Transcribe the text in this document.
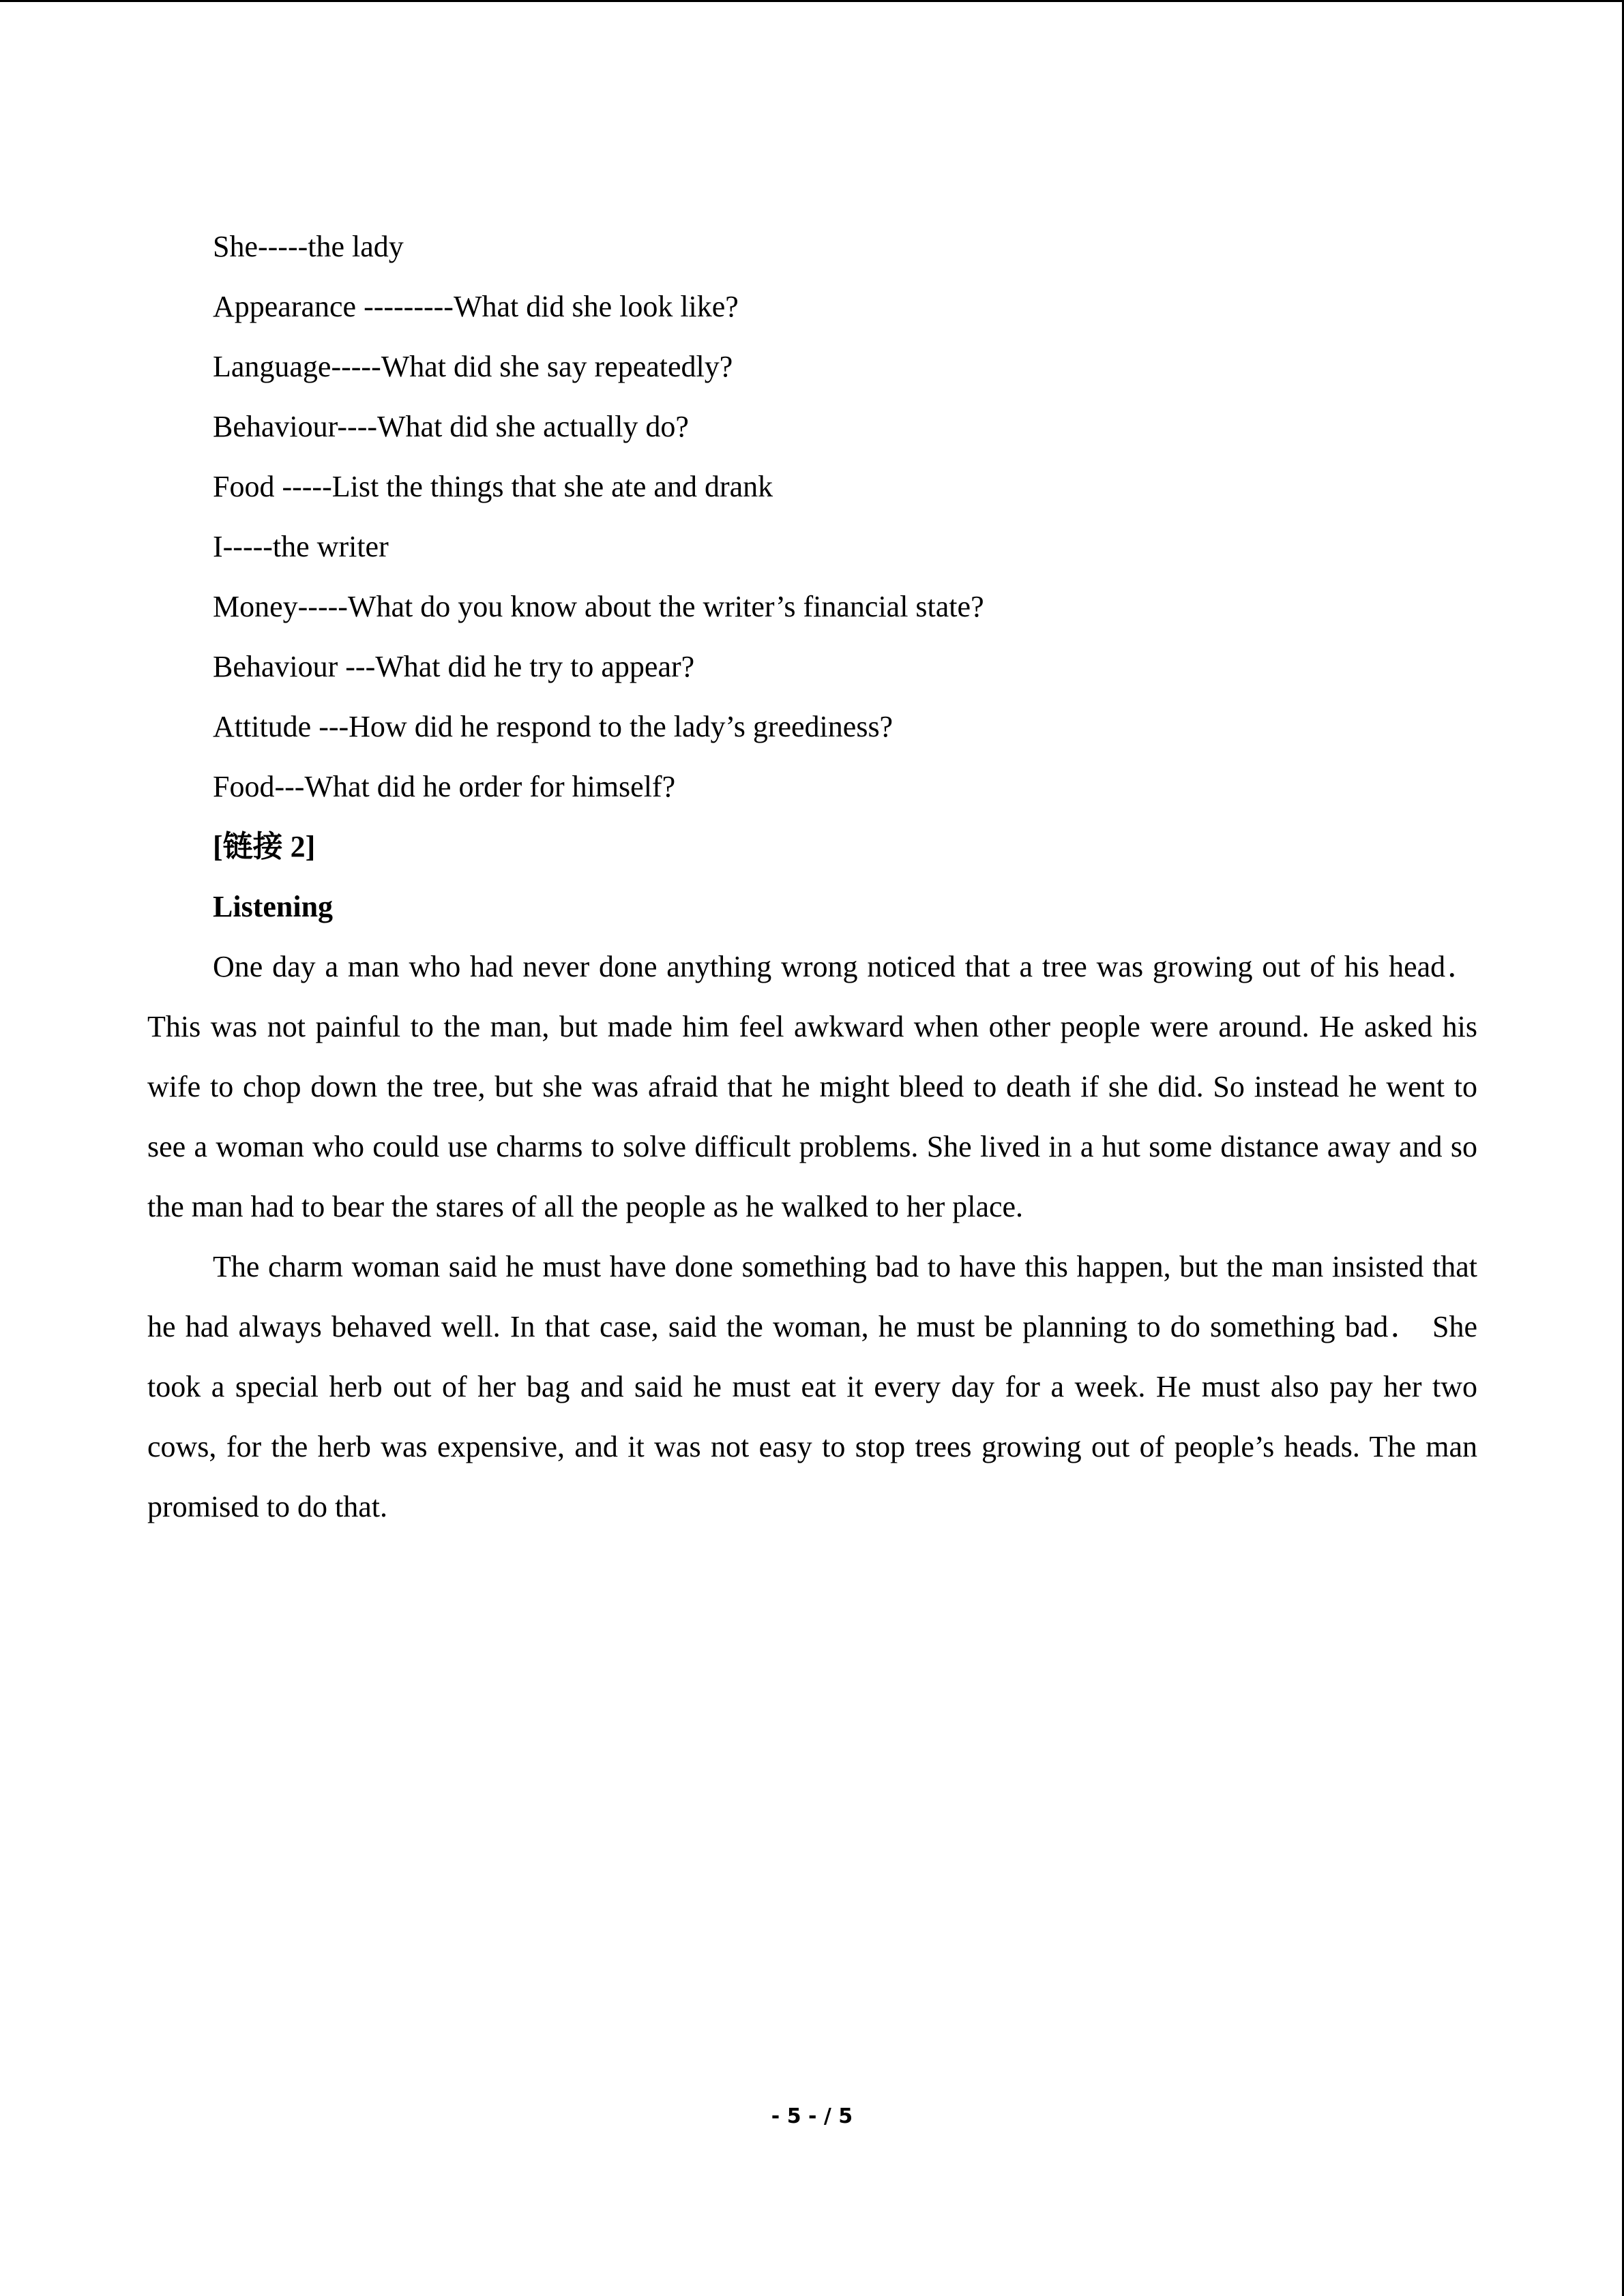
She-----the lady
Appearance ---------What did she look like?
Language-----What did she say repeatedly?
Behaviour----What did she actually do?
Food -----List the things that she ate and drank
I-----the writer
Money-----What do you know about the writer’s financial state?
Behaviour ---What did he try to appear?
Attitude ---How did he respond to the lady’s greediness?
Food---What did he order for himself?
[链接 2]
Listening

One day a man who had never done anything wrong noticed that a tree was growing out of his head． This was not painful to the man, but made him feel awkward when other people were around. He asked his wife to chop down the tree, but she was afraid that he might bleed to death if she did. So instead he went to see a woman who could use charms to solve difficult problems. She lived in a hut some distance away and so the man had to bear the stares of all the people as he walked to her place.

The charm woman said he must have done something bad to have this happen, but the man insisted that he had always behaved well. In that case, said the woman, he must be planning to do something bad． She took a special herb out of her bag and said he must eat it every day for a week. He must also pay her two cows, for the herb was expensive, and it was not easy to stop trees growing out of people’s heads. The man promised to do that.

- 5 - / 5
